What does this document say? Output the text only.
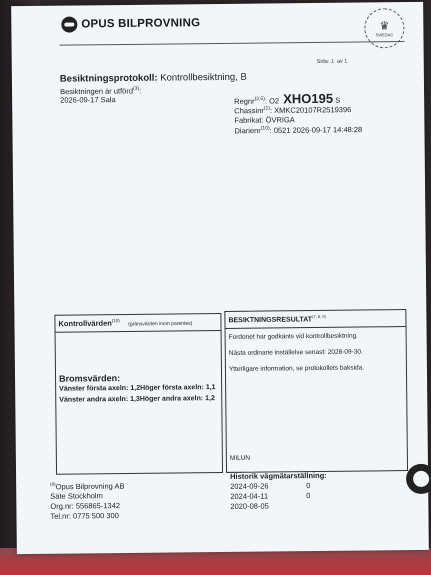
OPUS BILPROVNING	♛
SWEDAC
Sida: 1 av 1
Besiktningsprotokoll: Kontrollbesiktning, B
Besiktningen är utförd$^{(3)}$:
2026-09-17 Sala	Regnr$^{(2,5)}$: O2 XHO195 S
Chassinr$^{(1)}$: XMKC20107R2519396
Fabrikat: ÖVRIGA
Diarienr$^{(10)}$: 0521 2026-09-17 14:48:28
Kontrollvärden$^{(10)}$    (gränsvärden inom parentes)
Bromsvärden:
Vänster första axeln: 1,2Höger första axeln: 1,1
Vänster andra axeln: 1,3Höger andra axeln: 1,2
BESIKTNINGSRESULTAT$^{(7, 8, 9)}$
Fordonet har godkänts vid kontrollbesiktning.
Nästa ordinarie inställelse senast: 2028-09-30.
Ytterligare information, se protokollets baksida.
MILUN
$^{(8)}$Opus Bilprovning AB
Säte Stockholm
Org.nr: 556865-1342
Tel.nr: 0775 500 300
Historik vägmätarställning:
2024-09-26	0
2024-04-11	0
2020-08-05
